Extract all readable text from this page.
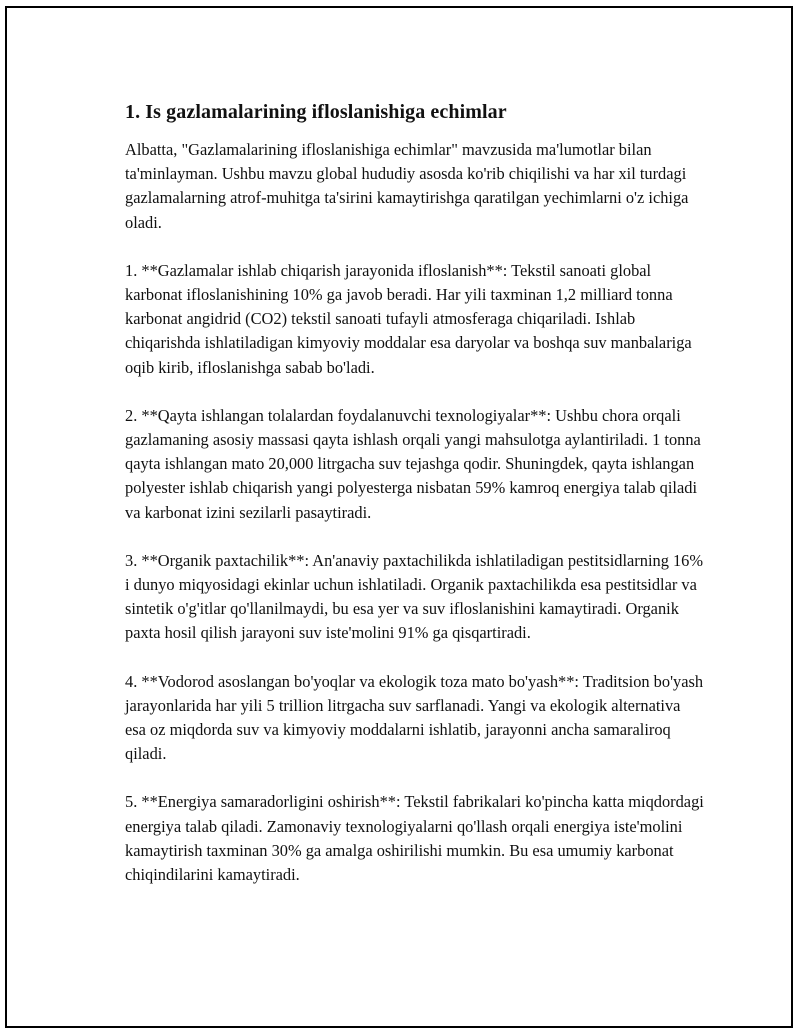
1. Is gazlamalarining ifloslanishiga echimlar

Albatta, "Gazlamalarining ifloslanishiga echimlar" mavzusida ma'lumotlar bilan ta'minlayman. Ushbu mavzu global hududiy asosda ko'rib chiqilishi va har xil turdagi gazlamalarning atrof-muhitga ta'sirini kamaytirishga qaratilgan yechimlarni o'z ichiga oladi.

1. **Gazlamalar ishlab chiqarish jarayonida ifloslanish**: Tekstil sanoati global karbonat ifloslanishining 10% ga javob beradi. Har yili taxminan 1,2 milliard tonna karbonat angidrid (CO2) tekstil sanoati tufayli atmosferaga chiqariladi. Ishlab chiqarishda ishlatiladigan kimyoviy moddalar esa daryolar va boshqa suv manbalariga oqib kirib, ifloslanishga sabab bo'ladi.

2. **Qayta ishlangan tolalardan foydalanuvchi texnologiyalar**: Ushbu chora orqali gazlamaning asosiy massasi qayta ishlash orqali yangi mahsulotga aylantiriladi. 1 tonna qayta ishlangan mato 20,000 litrgacha suv tejashga qodir. Shuningdek, qayta ishlangan polyester ishlab chiqarish yangi polyesterga nisbatan 59% kamroq energiya talab qiladi va karbonat izini sezilarli pasaytiradi.

3. **Organik paxtachilik**: An'anaviy paxtachilikda ishlatiladigan pestitsidlarning 16% i dunyo miqyosidagi ekinlar uchun ishlatiladi. Organik paxtachilikda esa pestitsidlar va sintetik o'g'itlar qo'llanilmaydi, bu esa yer va suv ifloslanishini kamaytiradi. Organik paxta hosil qilish jarayoni suv iste'molini 91% ga qisqartiradi.

4. **Vodorod asoslangan bo'yoqlar va ekologik toza mato bo'yash**: Traditsion bo'yash jarayonlarida har yili 5 trillion litrgacha suv sarflanadi. Yangi va ekologik alternativa esa oz miqdorda suv va kimyoviy moddalarni ishlatib, jarayonni ancha samaraliroq qiladi.

5. **Energiya samaradorligini oshirish**: Tekstil fabrikalari ko'pincha katta miqdordagi energiya talab qiladi. Zamonaviy texnologiyalarni qo'llash orqali energiya iste'molini kamaytirish taxminan 30% ga amalga oshirilishi mumkin. Bu esa umumiy karbonat chiqindilarini kamaytiradi.
